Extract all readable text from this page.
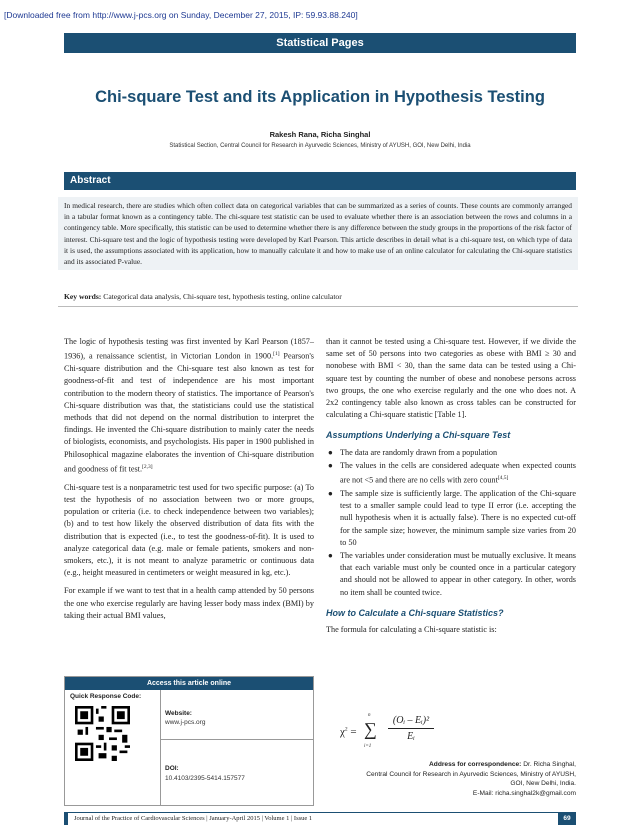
[Downloaded free from http://www.j-pcs.org on Sunday, December 27, 2015, IP: 59.93.88.240]
Statistical Pages
Chi-square Test and its Application in Hypothesis Testing
Rakesh Rana, Richa Singhal
Statistical Section, Central Council for Research in Ayurvedic Sciences, Ministry of AYUSH, GOI, New Delhi, India
Abstract
In medical research, there are studies which often collect data on categorical variables that can be summarized as a series of counts. These counts are commonly arranged in a tabular format known as a contingency table. The chi-square test statistic can be used to evaluate whether there is an association between the rows and columns in a contingency table. More specifically, this statistic can be used to determine whether there is any difference between the study groups in the proportions of the risk factor of interest. Chi-square test and the logic of hypothesis testing were developed by Karl Pearson. This article describes in detail what is a chi-square test, on which type of data it is used, the assumptions associated with its application, how to manually calculate it and how to make use of an online calculator for calculating the Chi-square statistics and its associated P-value.
Key words: Categorical data analysis, Chi-square test, hypothesis testing, online calculator

The logic of hypothesis testing was first invented by Karl Pearson (1857–1936), a renaissance scientist, in Victorian London in 1900.[1] Pearson's Chi-square distribution and the Chi-square test also known as test for goodness-of-fit and test of independence are his most important contribution to the modern theory of statistics. The importance of Pearson's Chi-square distribution was that, the statisticians could use the statistical methods that did not depend on the normal distribution to interpret the findings. He invented the Chi-square distribution to mainly cater the needs of biologists, economists, and psychologists. His paper in 1900 published in Philosophical magazine elaborates the invention of Chi-square distribution and goodness of fit test.[2,3]

Chi-square test is a nonparametric test used for two specific purpose: (a) To test the hypothesis of no association between two or more groups, population or criteria (i.e. to check independence between two variables); (b) and to test how likely the observed distribution of data fits with the distribution that is expected (i.e., to test the goodness-of-fit). It is used to analyze categorical data (e.g. male or female patients, smokers and non-smokers, etc.), it is not meant to analyze parametric or continuous data (e.g., height measured in centimeters or weight measured in kg, etc.).

For example if we want to test that in a health camp attended by 50 persons the one who exercise regularly are having lesser body mass index (BMI) by taking their actual BMI values,

than it cannot be tested using a Chi-square test. However, if we divide the same set of 50 persons into two categories as obese with BMI ≥ 30 and nonobese with BMI < 30, than the same data can be tested using a Chi-square test by counting the number of obese and nonobese persons across two groups, the one who exercise regularly and the one who does not. A 2x2 contingency table also known as cross tables can be constructed for calculating a Chi-square statistic [Table 1].

Assumptions Underlying a Chi-square Test
● The data are randomly drawn from a population
● The values in the cells are considered adequate when expected counts are not <5 and there are no cells with zero count[4,5]
● The sample size is sufficiently large. The application of the Chi-square test to a smaller sample could lead to type II error (i.e. accepting the null hypothesis when it is actually false). There is no expected cut-off for the sample size; however, the minimum sample size varies from 20 to 50
● The variables under consideration must be mutually exclusive. It means that each variable must only be counted once in a particular category and should not be allowed to appear in other category. In other, words no item shall be counted twice.
How to Calculate a Chi-square Statistics?

The formula for calculating a Chi-square statistic is:

$\chi^2$ =
n
∑
i=1
(Oᵢ – Eᵢ)²
Eᵢ
Access this article online
Quick Response Code:
Website:
www.j-pcs.org
DOI:
10.4103/2395-5414.157577
Address for correspondence: Dr. Richa Singhal,
Central Council for Research in Ayurvedic Sciences, Ministry of AYUSH,
GOI, New Delhi, India.
E-Mail: richa.singhal2k@gmail.com
Journal of the Practice of Cardiovascular Sciences | January-April 2015 | Volume 1 | Issue 1	69
